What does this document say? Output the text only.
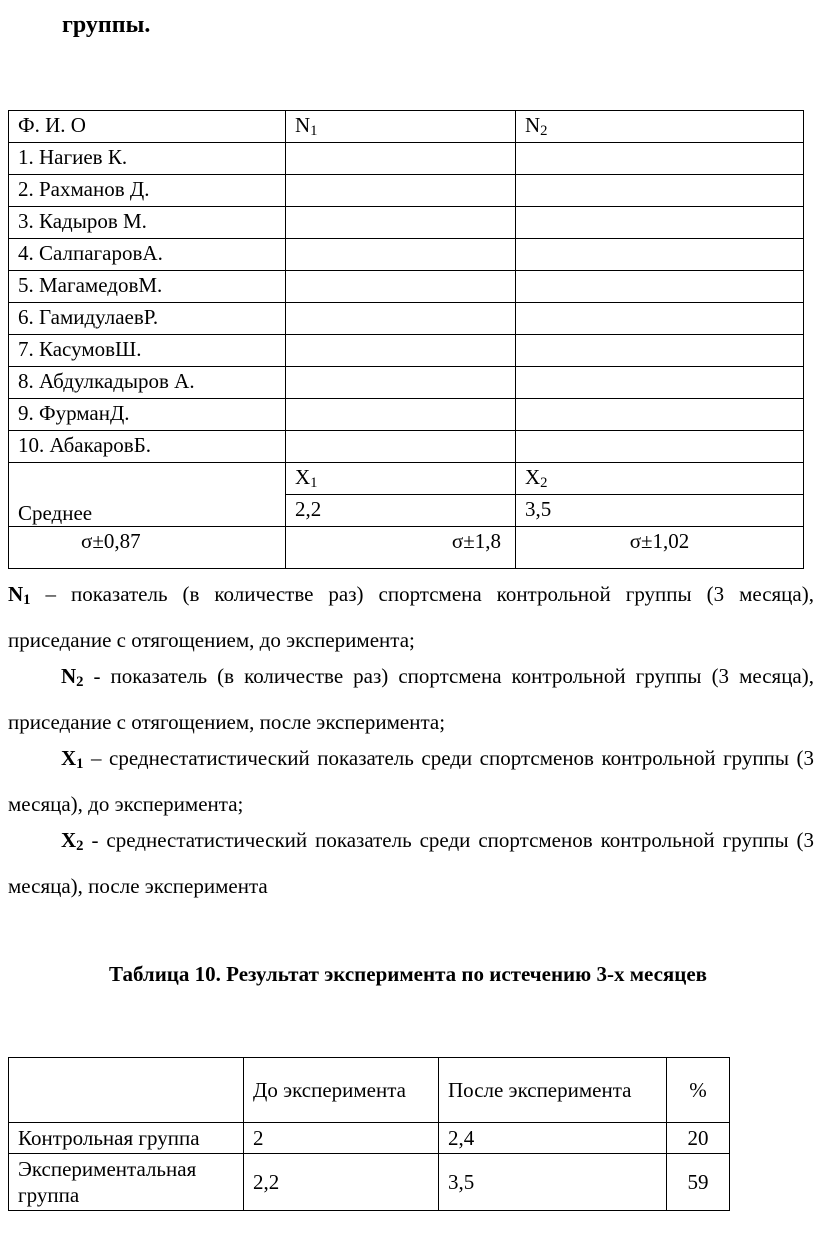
группы.
Ф. И. О	$N_1$	$N_2$
1. Нагиев К.		
2. Рахманов Д.		
3. Кадыров М.		
4. СалпагаровА.		
5. МагамедовМ.		
6. ГамидулаевР.		
7. КасумовШ.		
8. Абдулкадыров А.		
9. ФурманД.		
10. АбакаровБ.		
Среднее	$X_1$	$X_2$
	2,2	3,5
σ±0,87	σ±1,8	σ±1,02

$N_1$ – показатель (в количестве раз) спортсмена контрольной группы (3 месяца), приседание с отягощением, до эксперимента;

$N_2$ - показатель (в количестве раз) спортсмена контрольной группы (3 месяца), приседание с отягощением, после эксперимента;

$X_1$ – среднестатистический показатель среди спортсменов контрольной группы (3 месяца), до эксперимента;

$X_2$ - среднестатистический показатель среди спортсменов контрольной группы (3 месяца), после эксперимента

Таблица 10. Результат эксперимента по истечению 3-х месяцев

	До эксперимента	После эксперимента	%
Контрольная группа	2	2,4	20
Экспериментальная группа	2,2	3,5	59
